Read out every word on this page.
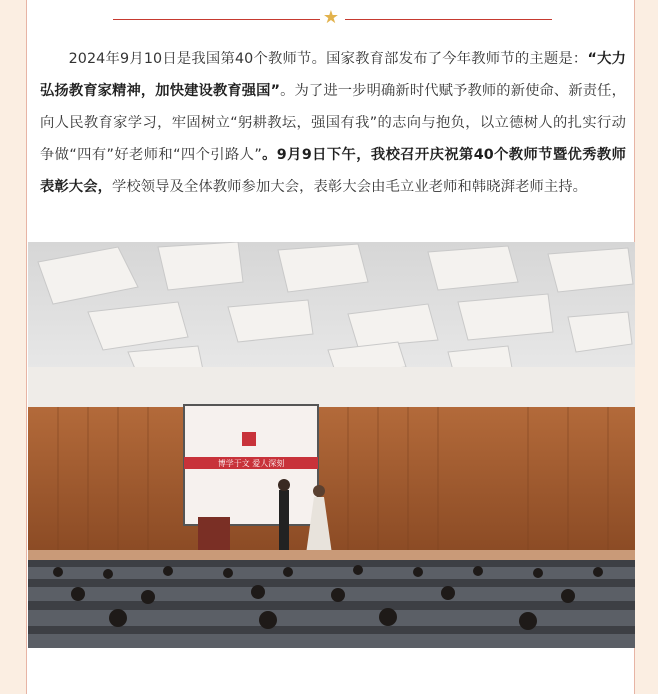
★

2024年9月10日是我国第40个教师节。国家教育部发布了今年教师节的主题是：“大力弘扬教育家精神，加快建设教育强国”。为了进一步明确新时代赋予教师的新使命、新责任，向人民教育家学习，牢固树立“躬耕教坛，强国有我”的志向与抱负，以立德树人的扎实行动争做“四有”好老师和“四个引路人”。9月9日下午，我校召开庆祝第40个教师节暨优秀教师表彰大会，学校领导及全体教师参加大会，表彰大会由毛立业老师和韩晓湃老师主持。

博学于文 爱人深刻
